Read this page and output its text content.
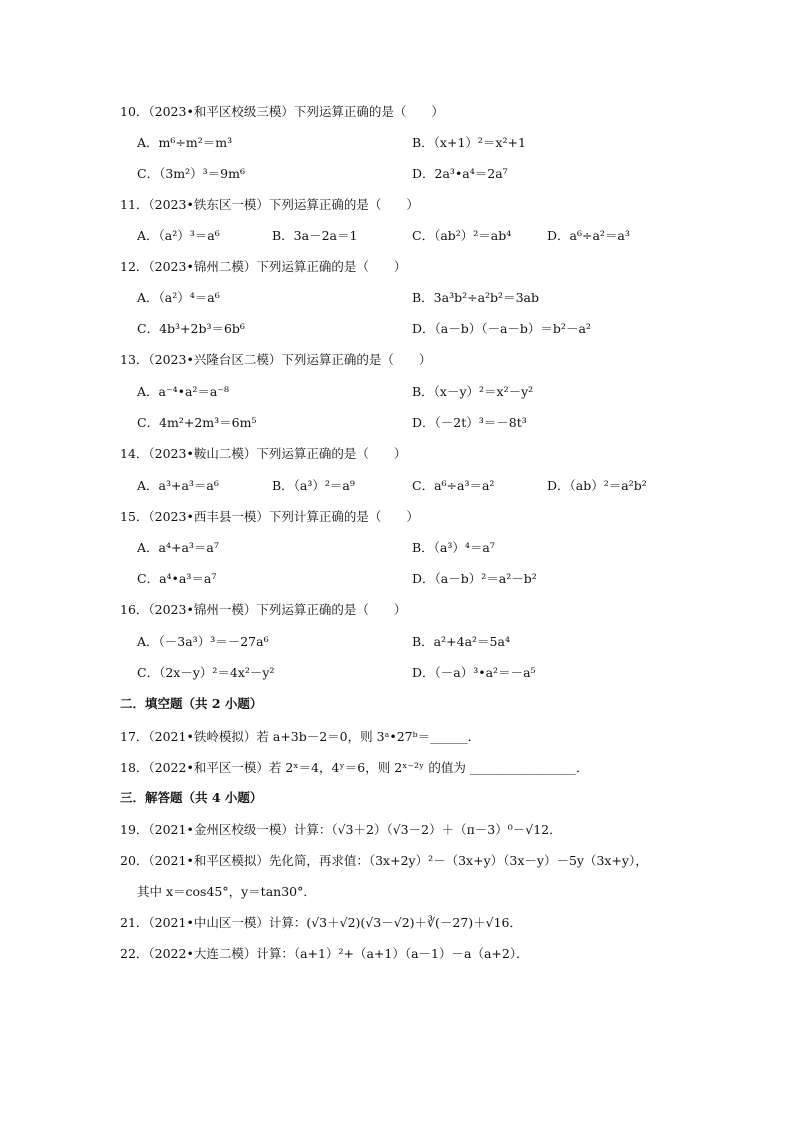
10．（2023•和平区校级三模）下列运算正确的是（　　）
A．m⁶÷m²＝m³	B．（x+1）²＝x²+1
C．（3m²）³＝9m⁶	D．2a³•a⁴＝2a⁷
11．（2023•铁东区一模）下列运算正确的是（　　）
A．（a²）³＝a⁶	B．3a－2a＝1	C．（ab²）²＝ab⁴	D．a⁶÷a²＝a³
12．（2023•锦州二模）下列运算正确的是（　　）
A．（a²）⁴＝a⁶	B．3a³b²÷a²b²＝3ab
C．4b³+2b³＝6b⁶	D．（a－b）（－a－b）＝b²－a²
13．（2023•兴隆台区二模）下列运算正确的是（　　）
A．a⁻⁴•a²＝a⁻⁸	B．（x－y）²＝x²－y²
C．4m²+2m³＝6m⁵	D．（－2t）³＝－8t³
14．（2023•鞍山二模）下列运算正确的是（　　）
A．a³+a³＝a⁶	B．（a³）²＝a⁹	C．a⁶÷a³＝a²	D．（ab）²＝a²b²
15．（2023•西丰县一模）下列计算正确的是（　　）
A．a⁴+a³＝a⁷	B．（a³）⁴＝a⁷
C．a⁴•a³＝a⁷	D．（a－b）²＝a²－b²
16．（2023•锦州一模）下列运算正确的是（　　）
A．（－3a³）³＝－27a⁶	B．a²+4a²＝5a⁴
C．（2x－y）²＝4x²－y²	D．（－a）³•a²＝－a⁵
二．填空题（共 2 小题）
17．（2021•铁岭模拟）若 a+3b－2＝0，则 3ᵃ•27ᵇ＝______．
18．（2022•和平区一模）若 2ˣ＝4，4ʸ＝6，则 2ˣ⁻²ʸ 的值为 _________________．
三．解答题（共 4 小题）
19．（2021•金州区校级一模）计算：（√3＋2）（√3－2）＋（π－3）⁰－√12．
20．（2021•和平区模拟）先化简，再求值：（3x+2y）²－（3x+y）（3x－y）－5y（3x+y），
其中 x＝cos45°，y＝tan30°．
21．（2021•中山区一模）计算：(√3＋√2)(√3－√2)＋∛(－27)＋√16．
22．（2022•大连二模）计算：（a+1）²+（a+1）（a－1）－a（a+2）．
